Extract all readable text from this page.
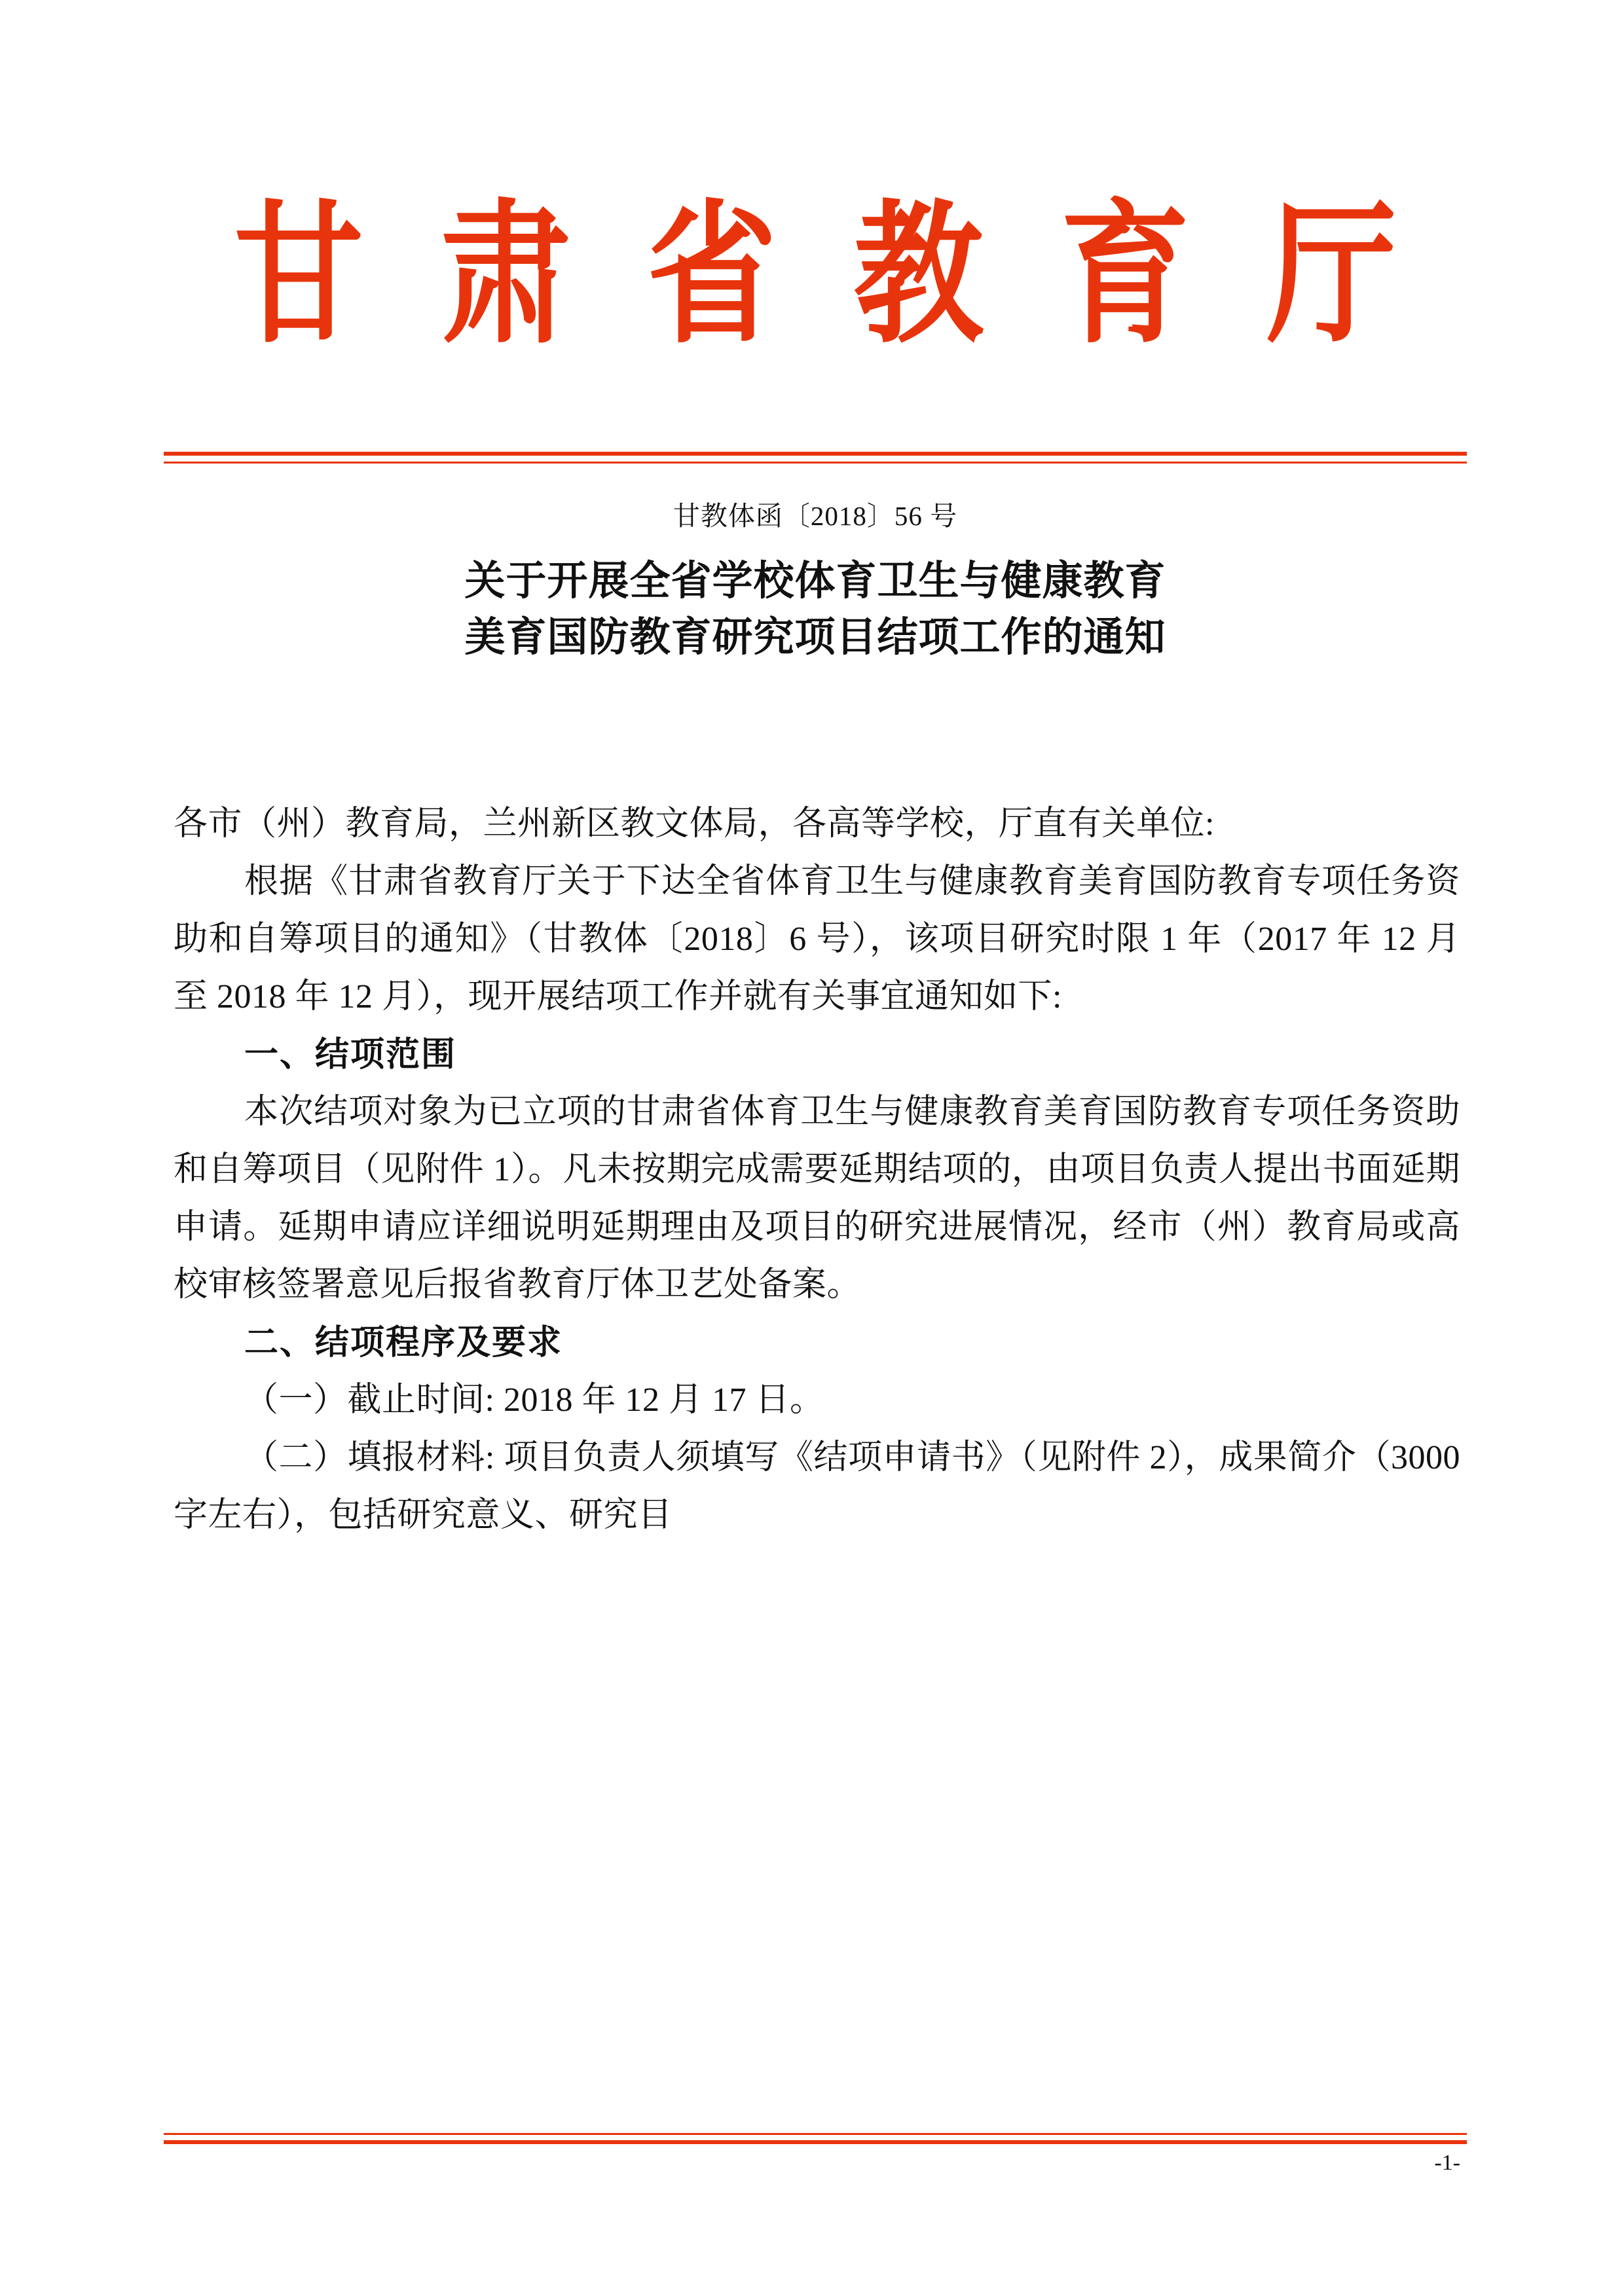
甘 肃 省 教 育 厅
甘教体函〔2018〕56 号
关于开展全省学校体育卫生与健康教育
美育国防教育研究项目结项工作的通知

各市（州）教育局，兰州新区教文体局，各高等学校，厅直有关单位:

根据《甘肃省教育厅关于下达全省体育卫生与健康教育美育国防教育专项任务资助和自筹项目的通知》（甘教体〔2018〕6 号），该项目研究时限 1 年（2017 年 12 月至 2018 年 12 月），现开展结项工作并就有关事宜通知如下:

一、结项范围

本次结项对象为已立项的甘肃省体育卫生与健康教育美育国防教育专项任务资助和自筹项目（见附件 1）。凡未按期完成需要延期结项的，由项目负责人提出书面延期申请。延期申请应详细说明延期理由及项目的研究进展情况，经市（州）教育局或高校审核签署意见后报省教育厅体卫艺处备案。

二、结项程序及要求

（一）截止时间: 2018 年 12 月 17 日。

（二）填报材料: 项目负责人须填写《结项申请书》（见附件 2），成果简介（3000 字左右），包括研究意义、研究目

-1-
